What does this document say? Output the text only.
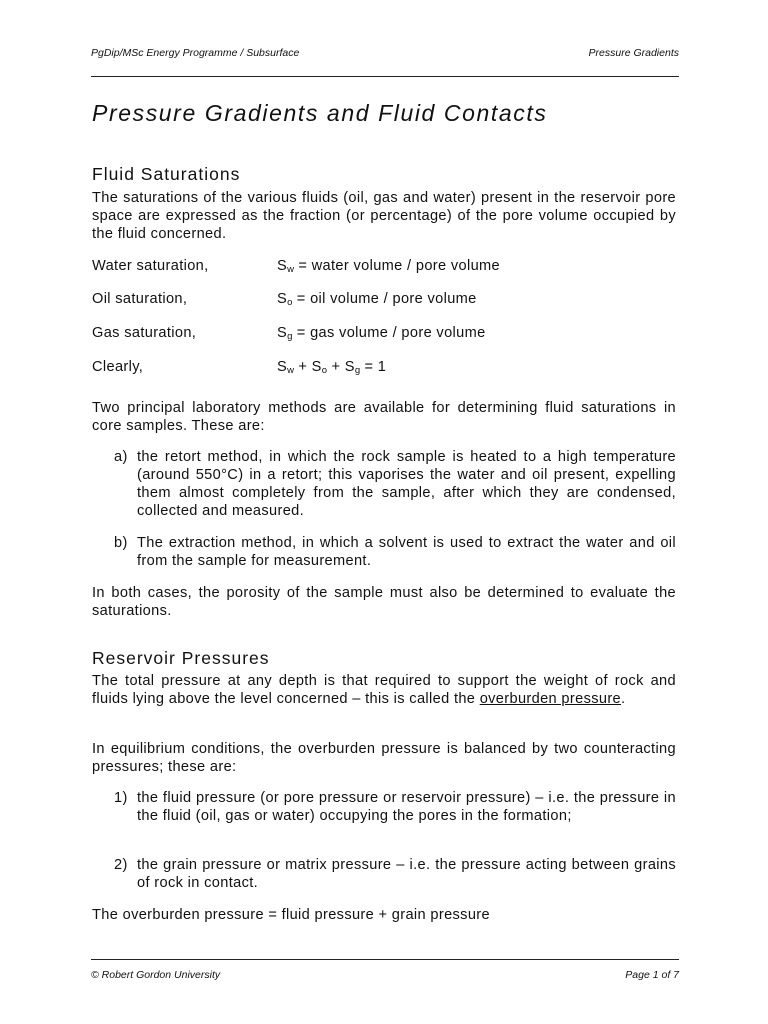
PgDip/MSc Energy Programme / Subsurface	Pressure Gradients
Pressure Gradients and Fluid Contacts
Fluid Saturations

The saturations of the various fluids (oil, gas and water) present in the reservoir pore space are expressed as the fraction (or percentage) of the pore volume occupied by the fluid concerned.

Water saturation,	$S_w$ = water volume / pore volume
Oil saturation,	$S_o$ = oil volume / pore volume
Gas saturation,	$S_g$ = gas volume / pore volume
Clearly,	$S_w + S_o + S_g = 1$

Two principal laboratory methods are available for determining fluid saturations in core samples. These are:

a) the retort method, in which the rock sample is heated to a high temperature (around 550°C) in a retort; this vaporises the water and oil present, expelling them almost completely from the sample, after which they are condensed, collected and measured.
b) The extraction method, in which a solvent is used to extract the water and oil from the sample for measurement.

In both cases, the porosity of the sample must also be determined to evaluate the saturations.

Reservoir Pressures

The total pressure at any depth is that required to support the weight of rock and fluids lying above the level concerned – this is called the overburden pressure.

In equilibrium conditions, the overburden pressure is balanced by two counteracting pressures; these are:

1) the fluid pressure (or pore pressure or reservoir pressure) – i.e. the pressure in the fluid (oil, gas or water) occupying the pores in the formation;
2) the grain pressure or matrix pressure – i.e. the pressure acting between grains of rock in contact.

The overburden pressure = fluid pressure + grain pressure

© Robert Gordon University	Page 1 of 7
